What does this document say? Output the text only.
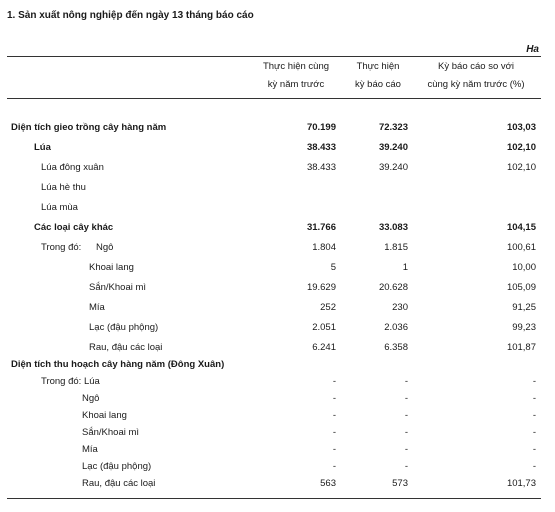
1. Sản xuất nông nghiệp đến ngày 13 tháng báo cáo
Ha
Thực hiện cùng
kỳ năm trước
Thực hiện
kỳ báo cáo
Kỳ báo cáo so với
cùng kỳ năm trước (%)
Diện tích gieo trồng cây hàng năm	70.199	72.323	103,03
Lúa	38.433	39.240	102,10
Lúa đông xuân	38.433	39.240	102,10
Lúa hè thu
Lúa mùa
Các loại cây khác	31.766	33.083	104,15
Trong đó: Ngô	1.804	1.815	100,61
Khoai lang	5	1	10,00
Sắn/Khoai mì	19.629	20.628	105,09
Mía	252	230	91,25
Lạc (đậu phộng)	2.051	2.036	99,23
Rau, đậu các loại	6.241	6.358	101,87
Diện tích thu hoạch cây hàng năm (Đông Xuân)
Trong đó: Lúa	-	-	-
Ngô	-	-	-
Khoai lang	-	-	-
Sắn/Khoai mì	-	-	-
Mía	-	-	-
Lạc (đậu phộng)	-	-	-
Rau, đậu các loại	563	573	101,73
